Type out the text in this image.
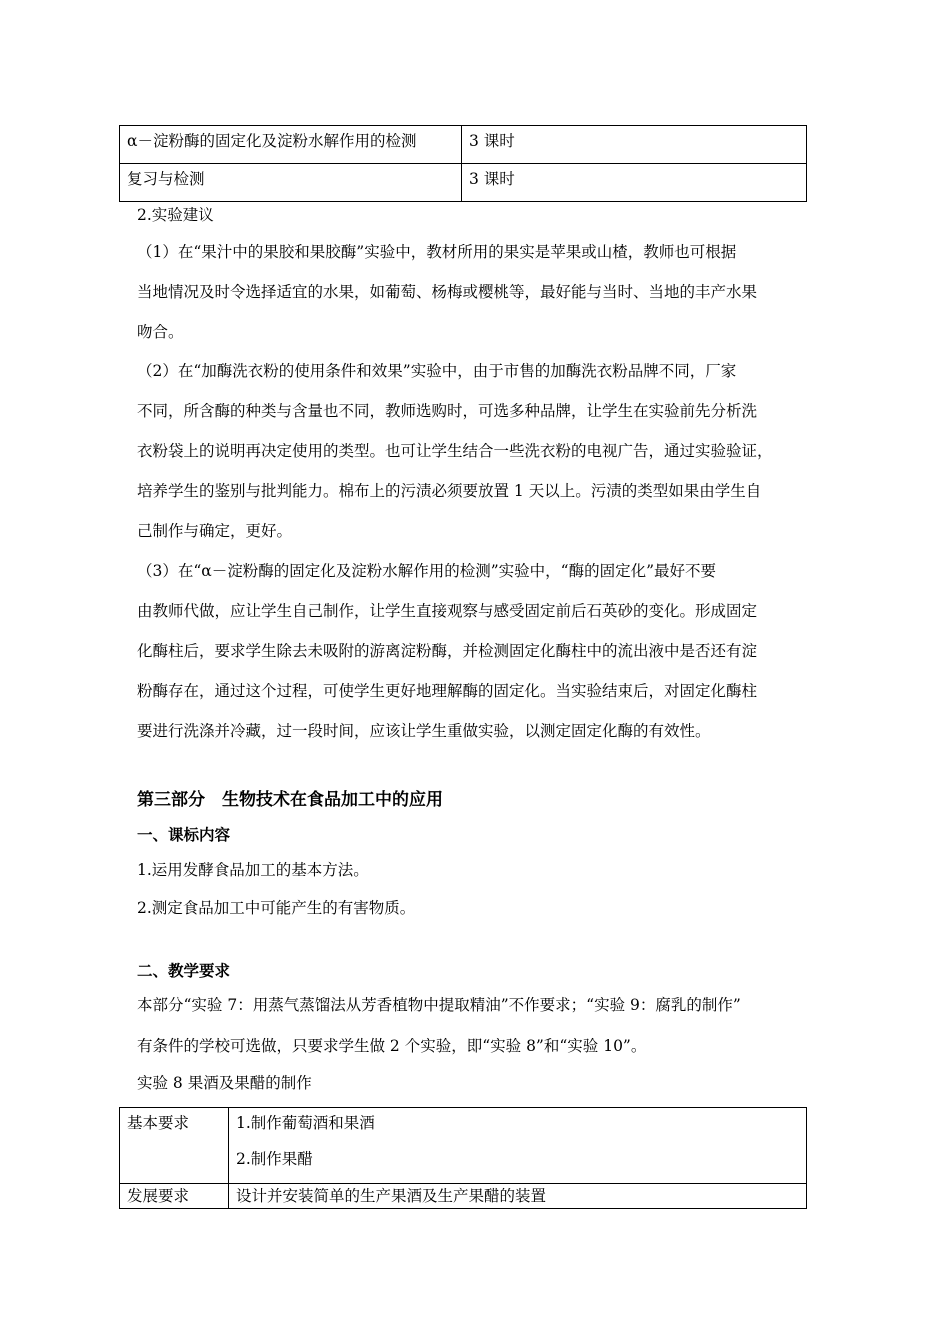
α－淀粉酶的固定化及淀粉水解作用的检测	3 课时
复习与检测	3 课时
2.实验建议
（1）在“果汁中的果胶和果胶酶”实验中，教材所用的果实是苹果或山楂，教师也可根据
当地情况及时令选择适宜的水果，如葡萄、杨梅或樱桃等，最好能与当时、当地的丰产水果
吻合。
（2）在“加酶洗衣粉的使用条件和效果”实验中，由于市售的加酶洗衣粉品牌不同，厂家
不同，所含酶的种类与含量也不同，教师选购时，可选多种品牌，让学生在实验前先分析洗
衣粉袋上的说明再决定使用的类型。也可让学生结合一些洗衣粉的电视广告，通过实验验证，
培养学生的鉴别与批判能力。棉布上的污渍必须要放置 1 天以上。污渍的类型如果由学生自
己制作与确定，更好。
（3）在“α－淀粉酶的固定化及淀粉水解作用的检测”实验中，“酶的固定化”最好不要
由教师代做，应让学生自己制作，让学生直接观察与感受固定前后石英砂的变化。形成固定
化酶柱后，要求学生除去未吸附的游离淀粉酶，并检测固定化酶柱中的流出液中是否还有淀
粉酶存在，通过这个过程，可使学生更好地理解酶的固定化。当实验结束后，对固定化酶柱
要进行洗涤并冷藏，过一段时间，应该让学生重做实验，以测定固定化酶的有效性。
第三部分　生物技术在食品加工中的应用
一、课标内容
1.运用发酵食品加工的基本方法。
2.测定食品加工中可能产生的有害物质。
二、教学要求
本部分“实验 7：用蒸气蒸馏法从芳香植物中提取精油”不作要求；“实验 9：腐乳的制作”
有条件的学校可选做，只要求学生做 2 个实验，即“实验 8”和“实验 10”。
实验 8 果酒及果醋的制作
基本要求	1.制作葡萄酒和果酒
2.制作果醋

发展要求	设计并安装简单的生产果酒及生产果醋的装置
